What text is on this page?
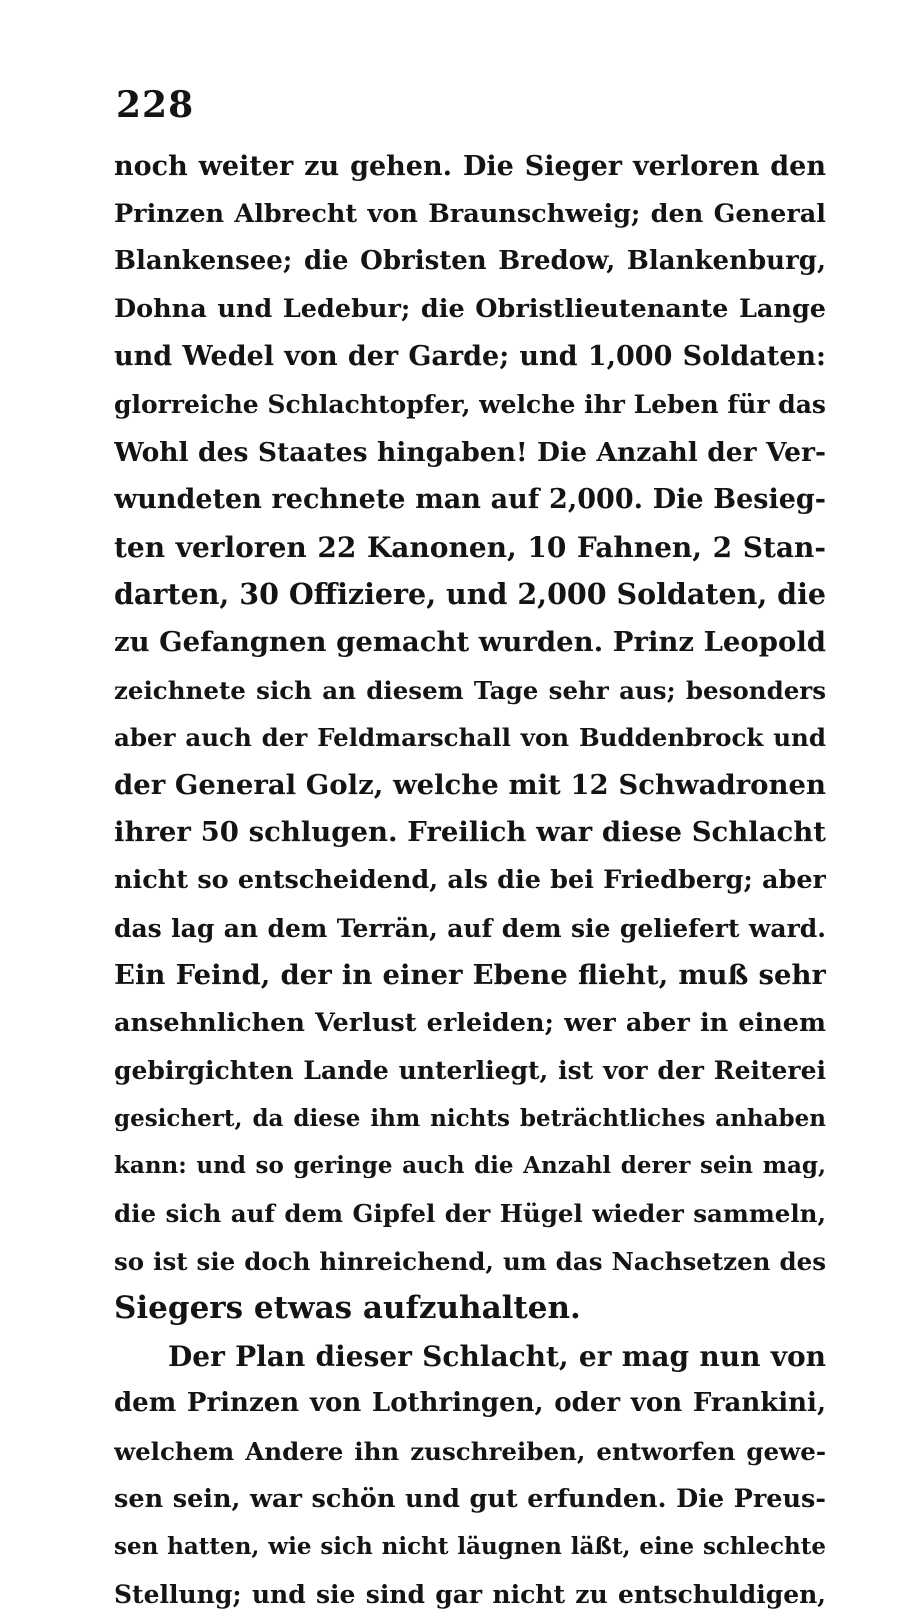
228
noch weiter zu gehen. Die Sieger verloren den
Prinzen Albrecht von Braunschweig; den General
Blankensee; die Obristen Bredow, Blankenburg,
Dohna und Ledebur; die Obristlieutenante Lange
und Wedel von der Garde; und 1,000 Soldaten:
glorreiche Schlachtopfer, welche ihr Leben für das
Wohl des Staates hingaben! Die Anzahl der Ver-
wundeten rechnete man auf 2,000. Die Besieg-
ten verloren 22 Kanonen, 10 Fahnen, 2 Stan-
darten, 30 Offiziere, und 2,000 Soldaten, die
zu Gefangnen gemacht wurden. Prinz Leopold
zeichnete sich an diesem Tage sehr aus; besonders
aber auch der Feldmarschall von Buddenbrock und
der General Golz, welche mit 12 Schwadronen
ihrer 50 schlugen. Freilich war diese Schlacht
nicht so entscheidend, als die bei Friedberg; aber
das lag an dem Terrän, auf dem sie geliefert ward.
Ein Feind, der in einer Ebene flieht, muß sehr
ansehnlichen Verlust erleiden; wer aber in einem
gebirgichten Lande unterliegt, ist vor der Reiterei
gesichert, da diese ihm nichts beträchtliches anhaben
kann: und so geringe auch die Anzahl derer sein mag,
die sich auf dem Gipfel der Hügel wieder sammeln,
so ist sie doch hinreichend, um das Nachsetzen des
Siegers etwas aufzuhalten.
Der Plan dieser Schlacht, er mag nun von
dem Prinzen von Lothringen, oder von Frankini,
welchem Andere ihn zuschreiben, entworfen gewe-
sen sein, war schön und gut erfunden. Die Preus-
sen hatten, wie sich nicht läugnen läßt, eine schlechte
Stellung; und sie sind gar nicht zu entschuldigen,
